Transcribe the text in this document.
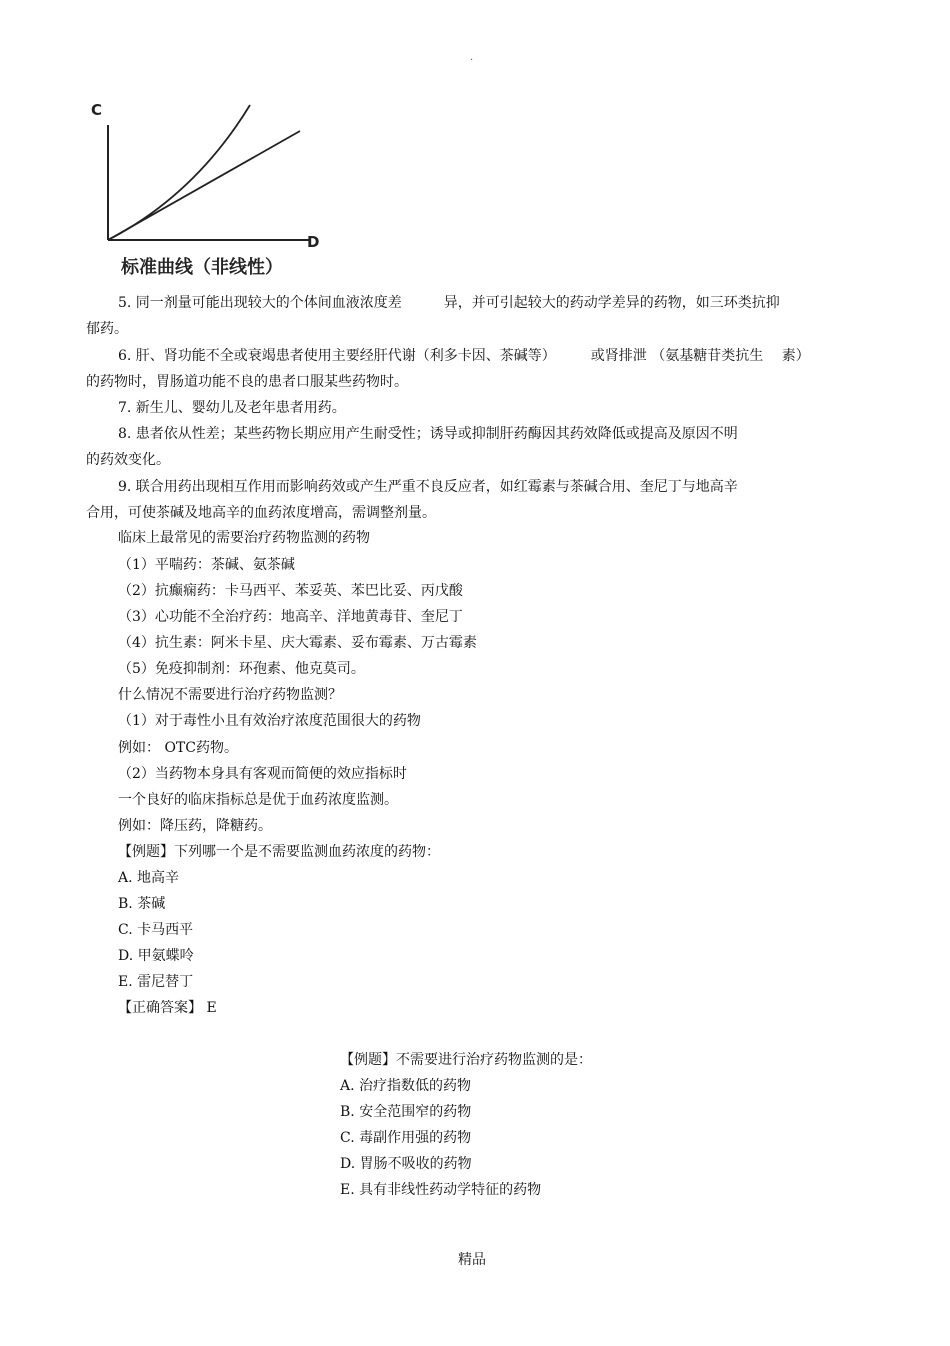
.
C
D
标准曲线（非线性）
5. 同一剂量可能出现较大的个体间血液浓度差　　　异，并可引起较大的药动学差异的药物，如三环类抗抑
郁药。
6. 肝、肾功能不全或衰竭患者使用主要经肝代谢（利多卡因、茶碱等）　　　或肾排泄 （氨基糖苷类抗生　 素）
的药物时，胃肠道功能不良的患者口服某些药物时。
7. 新生儿、婴幼儿及老年患者用药。
8. 患者依从性差；某些药物长期应用产生耐受性；诱导或抑制肝药酶因其药效降低或提高及原因不明
的药效变化。
9. 联合用药出现相互作用而影响药效或产生严重不良反应者，如红霉素与茶碱合用、奎尼丁与地高辛
合用，可使茶碱及地高辛的血药浓度增高，需调整剂量。
临床上最常见的需要治疗药物监测的药物
（1）平喘药：茶碱、氨茶碱
（2）抗癫痫药：卡马西平、苯妥英、苯巴比妥、丙戊酸
（3）心功能不全治疗药：地高辛、洋地黄毒苷、奎尼丁
（4）抗生素：阿米卡星、庆大霉素、妥布霉素、万古霉素
（5）免疫抑制剂：环孢素、他克莫司。
什么情况不需要进行治疗药物监测？
（1）对于毒性小且有效治疗浓度范围很大的药物
例如： OTC药物。
（2）当药物本身具有客观而简便的效应指标时
一个良好的临床指标总是优于血药浓度监测。
例如：降压药，降糖药。
【例题】下列哪一个是不需要监测血药浓度的药物：
A. 地高辛
B. 茶碱
C. 卡马西平
D. 甲氨蝶呤
E. 雷尼替丁
【正确答案】 E
【例题】不需要进行治疗药物监测的是：
A. 治疗指数低的药物
B. 安全范围窄的药物
C. 毒副作用强的药物
D. 胃肠不吸收的药物
E. 具有非线性药动学特征的药物
精品
